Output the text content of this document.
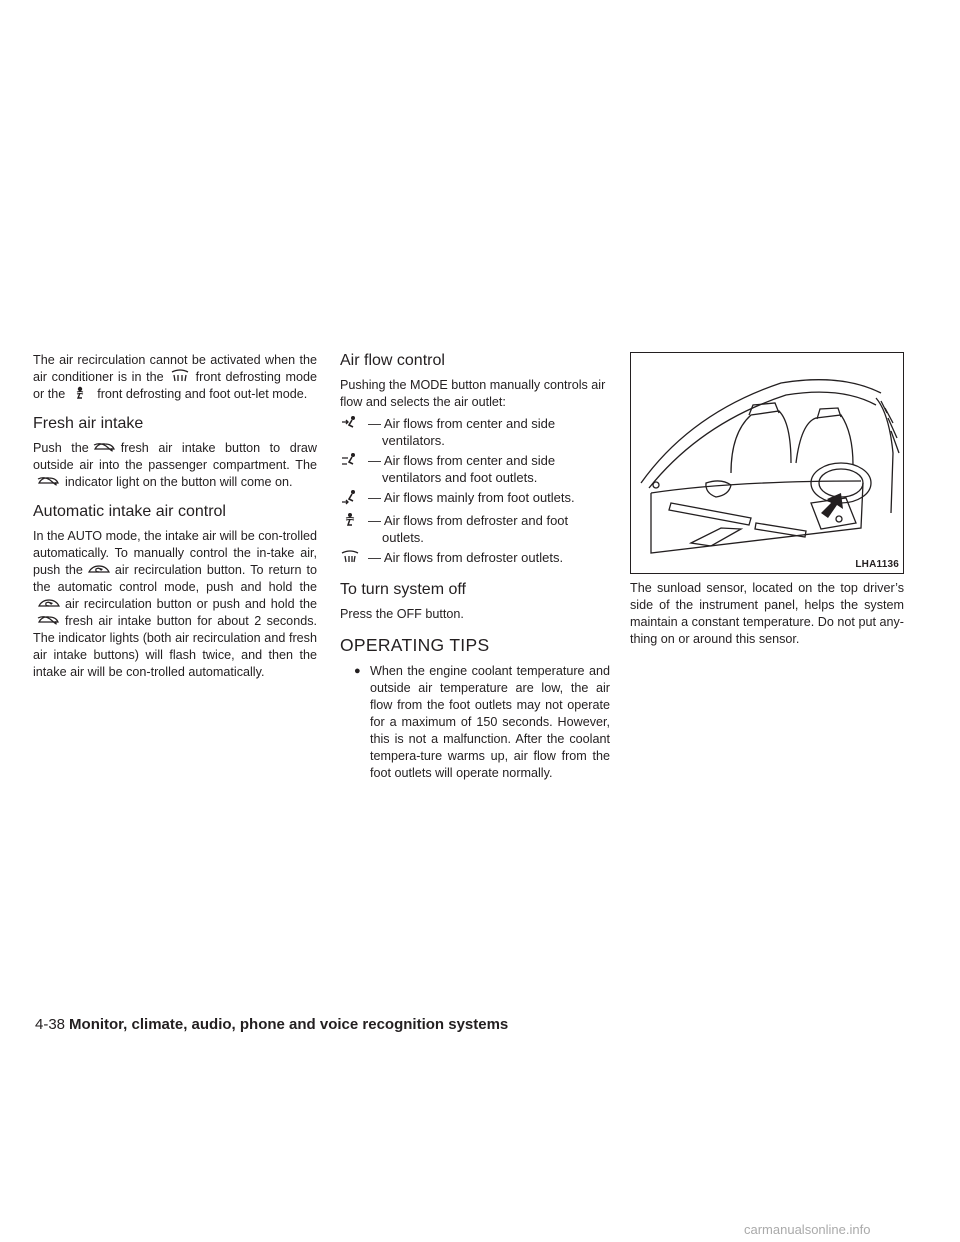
The air recirculation cannot be activated when the air conditioner is in the	front defrosting mode or the	front defrosting and foot out-let mode.

Fresh air intake

Push the	fresh air intake button to draw outside air into the passenger compartment. The
indicator light on the button will come on.

Automatic intake air control

In the AUTO mode, the intake air will be con-trolled automatically. To manually control the in-take air, push the	air recirculation button. To return to the automatic control mode, push and hold the
air recirculation button or push and hold the
fresh air intake button for about 2 seconds. The indicator lights (both air recirculation and fresh air intake buttons) will flash twice, and then the intake air will be con-trolled automatically.

Air flow control

Pushing the MODE button manually controls air flow and selects the air outlet:

— Air flows from center and side ventilators.
— Air flows from center and side ventilators and foot outlets.
— Air flows mainly from foot outlets.
— Air flows from defroster and foot outlets.
— Air flows from defroster outlets.
To turn system off

Press the OFF button.

OPERATING TIPS
● When the engine coolant temperature and outside air temperature are low, the air flow from the foot outlets may not operate for a maximum of 150 seconds. However, this is not a malfunction. After the coolant tempera-ture warms up, air flow from the foot outlets will operate normally.
LHA1136

The sunload sensor, located on the top driver’s side of the instrument panel, helps the system maintain a constant temperature. Do not put any-thing on or around this sensor.

4-38 Monitor, climate, audio, phone and voice recognition systems
carmanualsonline.info
